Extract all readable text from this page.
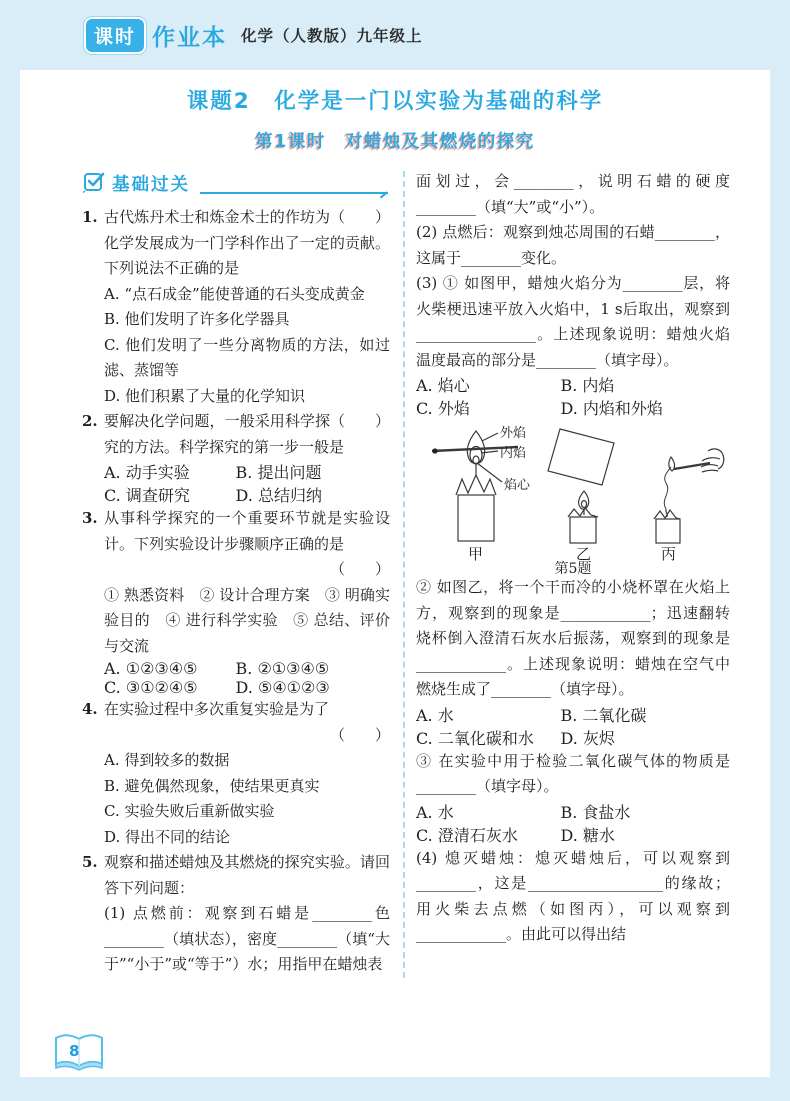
课时 作业本 化学（人教版）九年级上
课题2　化学是一门以实验为基础的科学
第1课时　对蜡烛及其燃烧的探究
基础过关
1.	（　　）
古代炼丹术士和炼金术士的作坊为化学发展成为一门学科作出了一定的贡献。下列说法不正确的是

A. “点石成金”能使普通的石头变成黄金

B. 他们发明了许多化学器具

C. 他们发明了一些分离物质的方法，如过滤、蒸馏等

D. 他们积累了大量的化学知识

2.	（　　）
要解决化学问题，一般采用科学探究的方法。科学探究的第一步一般是

A. 动手实验	B. 提出问题
C. 调查研究	D. 总结归纳
3. 从事科学探究的一个重要环节就是实验设计。下列实验设计步骤顺序正确的是

（　　）

① 熟悉资料　② 设计合理方案　③ 明确实验目的　④ 进行科学实验　⑤ 总结、评价与交流

A. ①②③④⑤	B. ②①③④⑤
C. ③①②④⑤	D. ⑤④①②③
4. 在实验过程中多次重复实验是为了

（　　）

A. 得到较多的数据

B. 避免偶然现象，使结果更真实

C. 实验失败后重新做实验

D. 得出不同的结论

5. 观察和描述蜡烛及其燃烧的探究实验。请回答下列问题：

(1) 点燃前：观察到石蜡是________色________（填状态），密度________（填“大于”“小于”或“等于”）水；用指甲在蜡烛表

面划过，会________，说明石蜡的硬度________（填“大”或“小”）。

(2) 点燃后：观察到烛芯周围的石蜡________，这属于________变化。

(3) ① 如图甲，蜡烛火焰分为________层，将火柴梗迅速平放入火焰中，1 s后取出，观察到________________。上述现象说明：蜡烛火焰温度最高的部分是________（填字母）。

A. 焰心	B. 内焰
C. 外焰	D. 内焰和外焰
外焰
内焰
焰心
甲	乙	丙
第5题

② 如图乙，将一个干而冷的小烧杯罩在火焰上方，观察到的现象是____________；迅速翻转烧杯倒入澄清石灰水后振荡，观察到的现象是____________。上述现象说明：蜡烛在空气中燃烧生成了________（填字母）。

A. 水	B. 二氧化碳
C. 二氧化碳和水	D. 灰烬

③ 在实验中用于检验二氧化碳气体的物质是________（填字母）。

A. 水	B. 食盐水
C. 澄清石灰水	D. 糖水

(4) 熄灭蜡烛：熄灭蜡烛后，可以观察到________，这是__________________的缘故；用火柴去点燃（如图丙），可以观察到____________。由此可以得出结

8
